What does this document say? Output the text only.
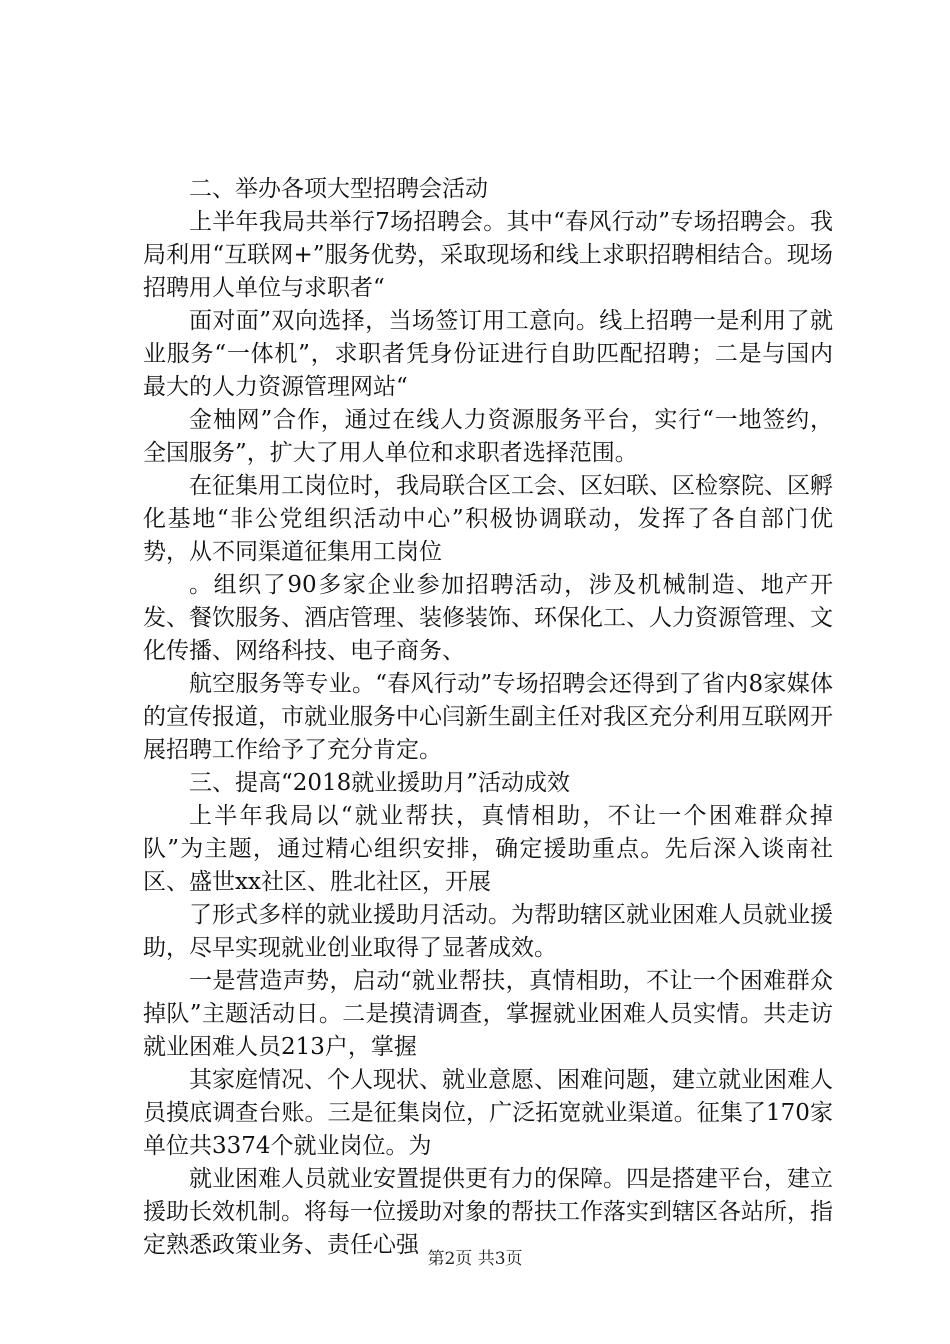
二、举办各项大型招聘会活动

上半年我局共举行7场招聘会。其中“春风行动”专场招聘会。我局利用“互联网+”服务优势，采取现场和线上求职招聘相结合。现场招聘用人单位与求职者“

面对面”双向选择，当场签订用工意向。线上招聘一是利用了就业服务“一体机”，求职者凭身份证进行自助匹配招聘；二是与国内最大的人力资源管理网站“

金柚网”合作，通过在线人力资源服务平台，实行“一地签约，全国服务”，扩大了用人单位和求职者选择范围。

在征集用工岗位时，我局联合区工会、区妇联、区检察院、区孵化基地“非公党组织活动中心”积极协调联动，发挥了各自部门优势，从不同渠道征集用工岗位

。组织了90多家企业参加招聘活动，涉及机械制造、地产开发、餐饮服务、酒店管理、装修装饰、环保化工、人力资源管理、文化传播、网络科技、电子商务、

航空服务等专业。“春风行动”专场招聘会还得到了省内8家媒体的宣传报道，市就业服务中心闫新生副主任对我区充分利用互联网开展招聘工作给予了充分肯定。

三、提高“2018就业援助月”活动成效

上半年我局以“就业帮扶，真情相助，不让一个困难群众掉队”为主题，通过精心组织安排，确定援助重点。先后深入谈南社区、盛世xx社区、胜北社区，开展

了形式多样的就业援助月活动。为帮助辖区就业困难人员就业援助，尽早实现就业创业取得了显著成效。

一是营造声势，启动“就业帮扶，真情相助，不让一个困难群众掉队”主题活动日。二是摸清调查，掌握就业困难人员实情。共走访就业困难人员213户，掌握

其家庭情况、个人现状、就业意愿、困难问题，建立就业困难人员摸底调查台账。三是征集岗位，广泛拓宽就业渠道。征集了170家单位共3374个就业岗位。为

就业困难人员就业安置提供更有力的保障。四是搭建平台，建立援助长效机制。将每一位援助对象的帮扶工作落实到辖区各站所，指定熟悉政策业务、责任心强

第2页 共3页
